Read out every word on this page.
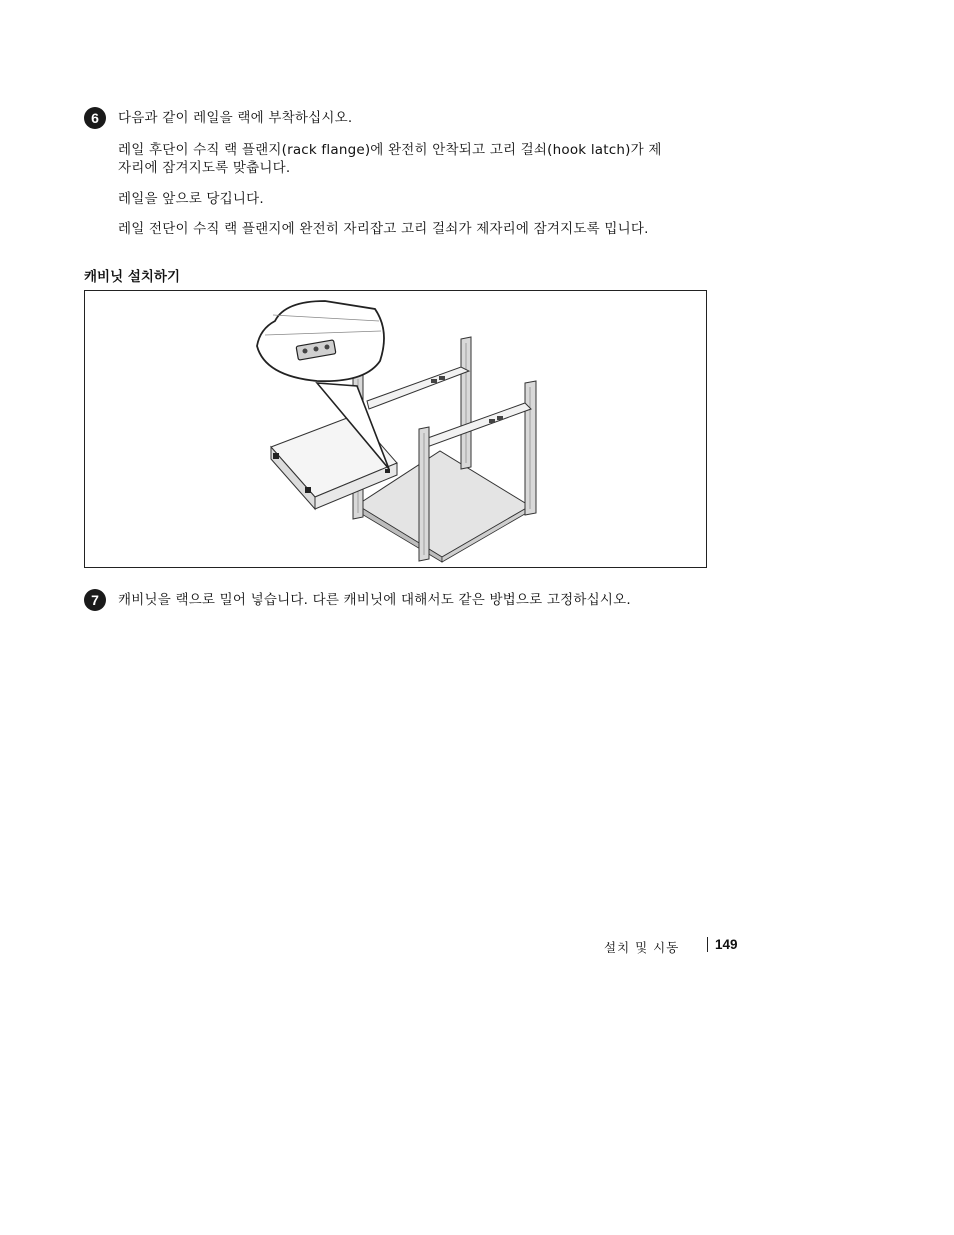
6	다음과 같이 레일을 랙에 부착하십시오.
레일 후단이 수직 랙 플랜지(rack flange)에 완전히 안착되고 고리 걸쇠(hook latch)가 제
자리에 잠겨지도록 맞춥니다.
레일을 앞으로 당깁니다.
레일 전단이 수직 랙 플랜지에 완전히 자리잡고 고리 걸쇠가 제자리에 잠겨지도록 밉니다.
캐비닛 설치하기
7	캐비닛을 랙으로 밀어 넣습니다. 다른 캐비닛에 대해서도 같은 방법으로 고정하십시오.
설치 및 시동	149
